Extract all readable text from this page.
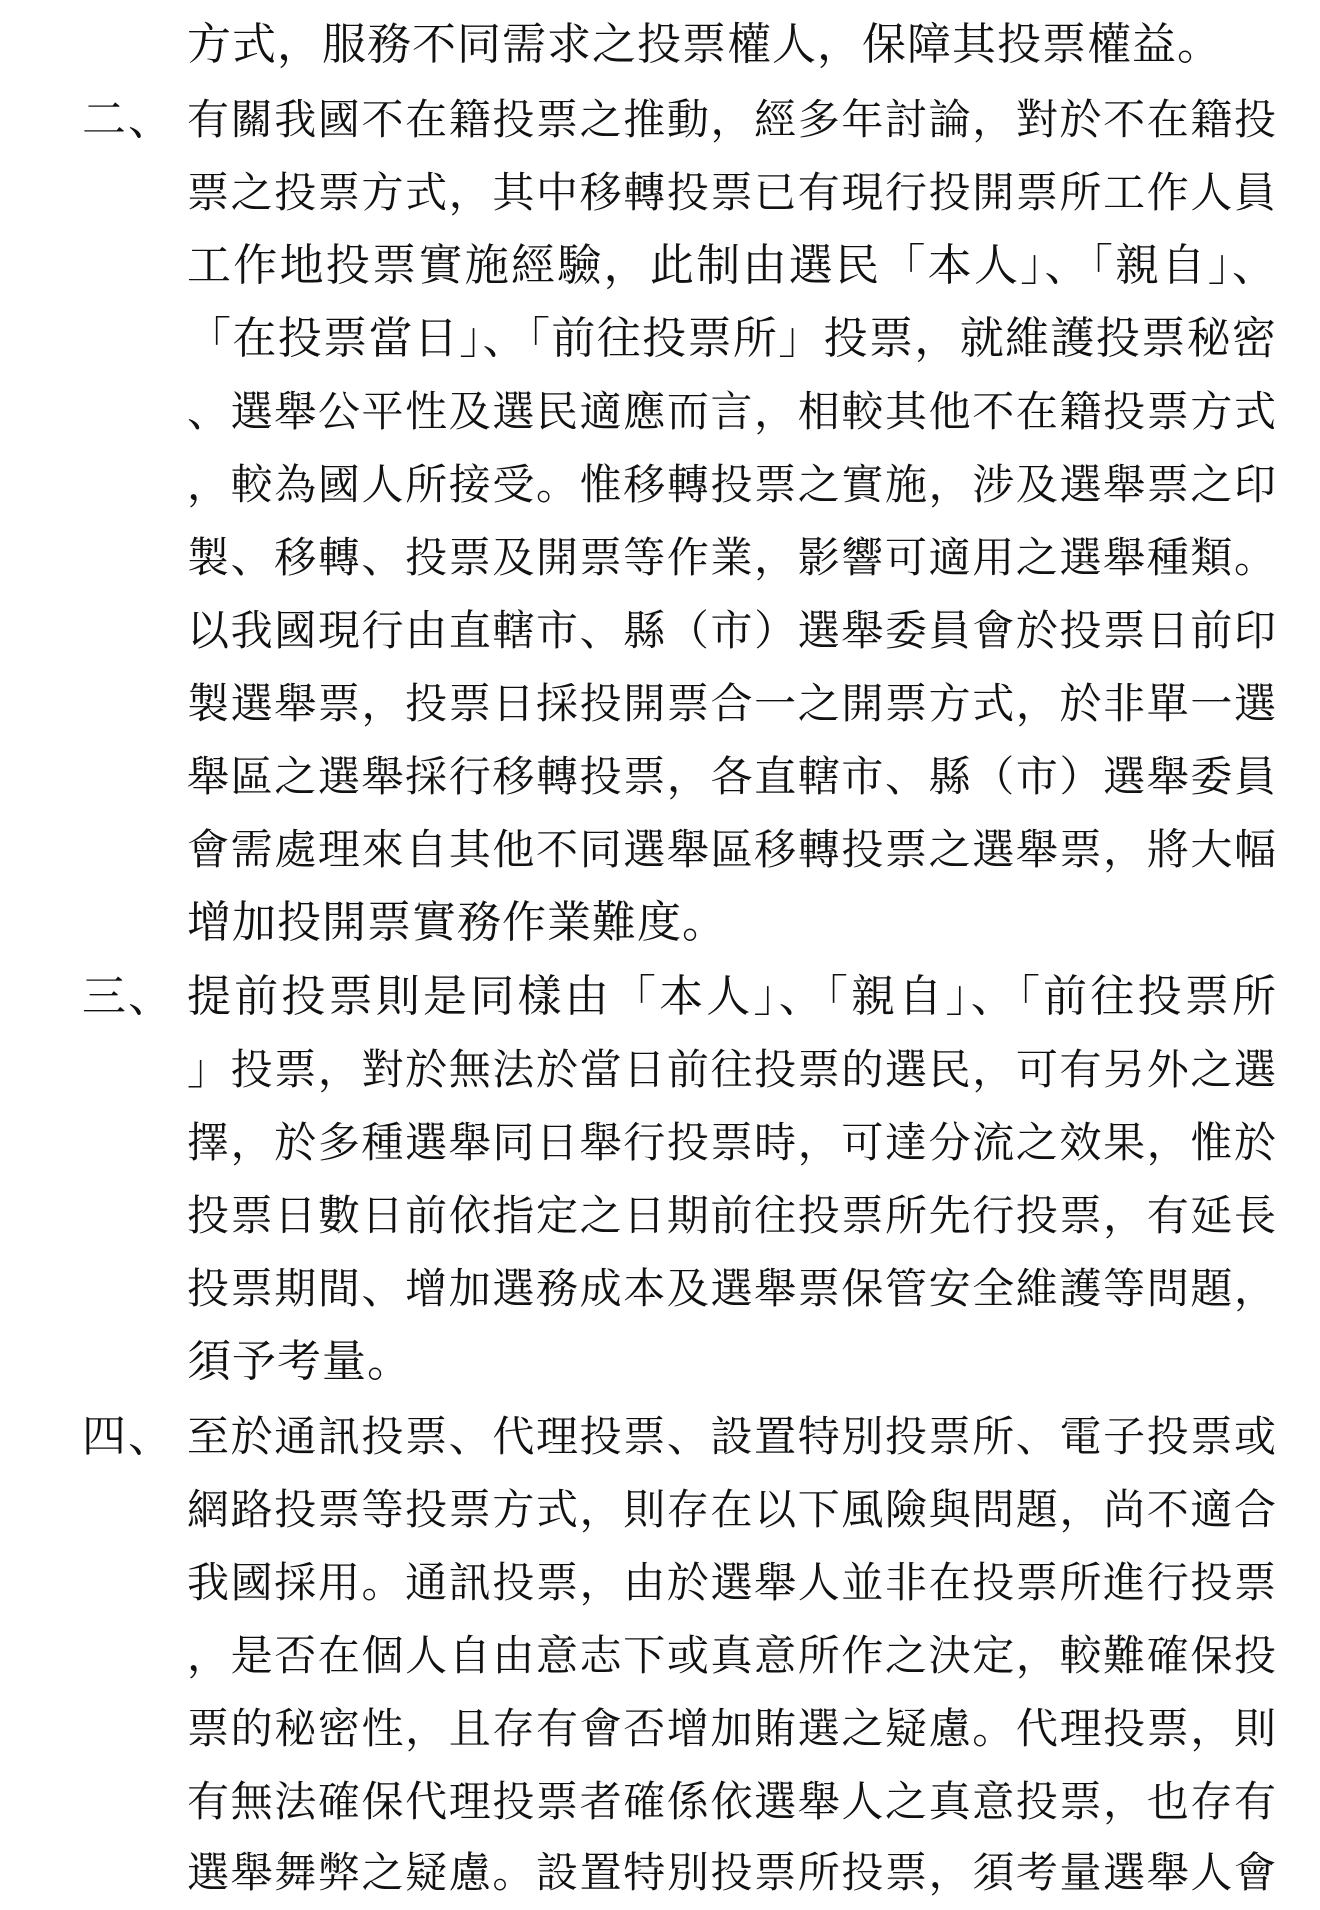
方式，服務不同需求之投票權人，保障其投票權益。
二、 有關我國不在籍投票之推動，經多年討論，對於不在籍投
票之投票方式，其中移轉投票已有現行投開票所工作人員
工作地投票實施經驗，此制由選民「本人」、「親自」、
「在投票當日」、「前往投票所」投票，就維護投票秘密
、選舉公平性及選民適應而言，相較其他不在籍投票方式
，較為國人所接受。惟移轉投票之實施，涉及選舉票之印
製、移轉、投票及開票等作業，影響可適用之選舉種類。
以我國現行由直轄市、縣（市）選舉委員會於投票日前印
製選舉票，投票日採投開票合一之開票方式，於非單一選
舉區之選舉採行移轉投票，各直轄市、縣（市）選舉委員
會需處理來自其他不同選舉區移轉投票之選舉票，將大幅
增加投開票實務作業難度。
三、 提前投票則是同樣由「本人」、「親自」、「前往投票所
」投票，對於無法於當日前往投票的選民，可有另外之選
擇，於多種選舉同日舉行投票時，可達分流之效果，惟於
投票日數日前依指定之日期前往投票所先行投票，有延長
投票期間、增加選務成本及選舉票保管安全維護等問題，
須予考量。
四、 至於通訊投票、代理投票、設置特別投票所、電子投票或
網路投票等投票方式，則存在以下風險與問題，尚不適合
我國採用。通訊投票，由於選舉人並非在投票所進行投票
，是否在個人自由意志下或真意所作之決定，較難確保投
票的秘密性，且存有會否增加賄選之疑慮。代理投票，則
有無法確保代理投票者確係依選舉人之真意投票，也存有
選舉舞弊之疑慮。設置特別投票所投票，須考量選舉人會
